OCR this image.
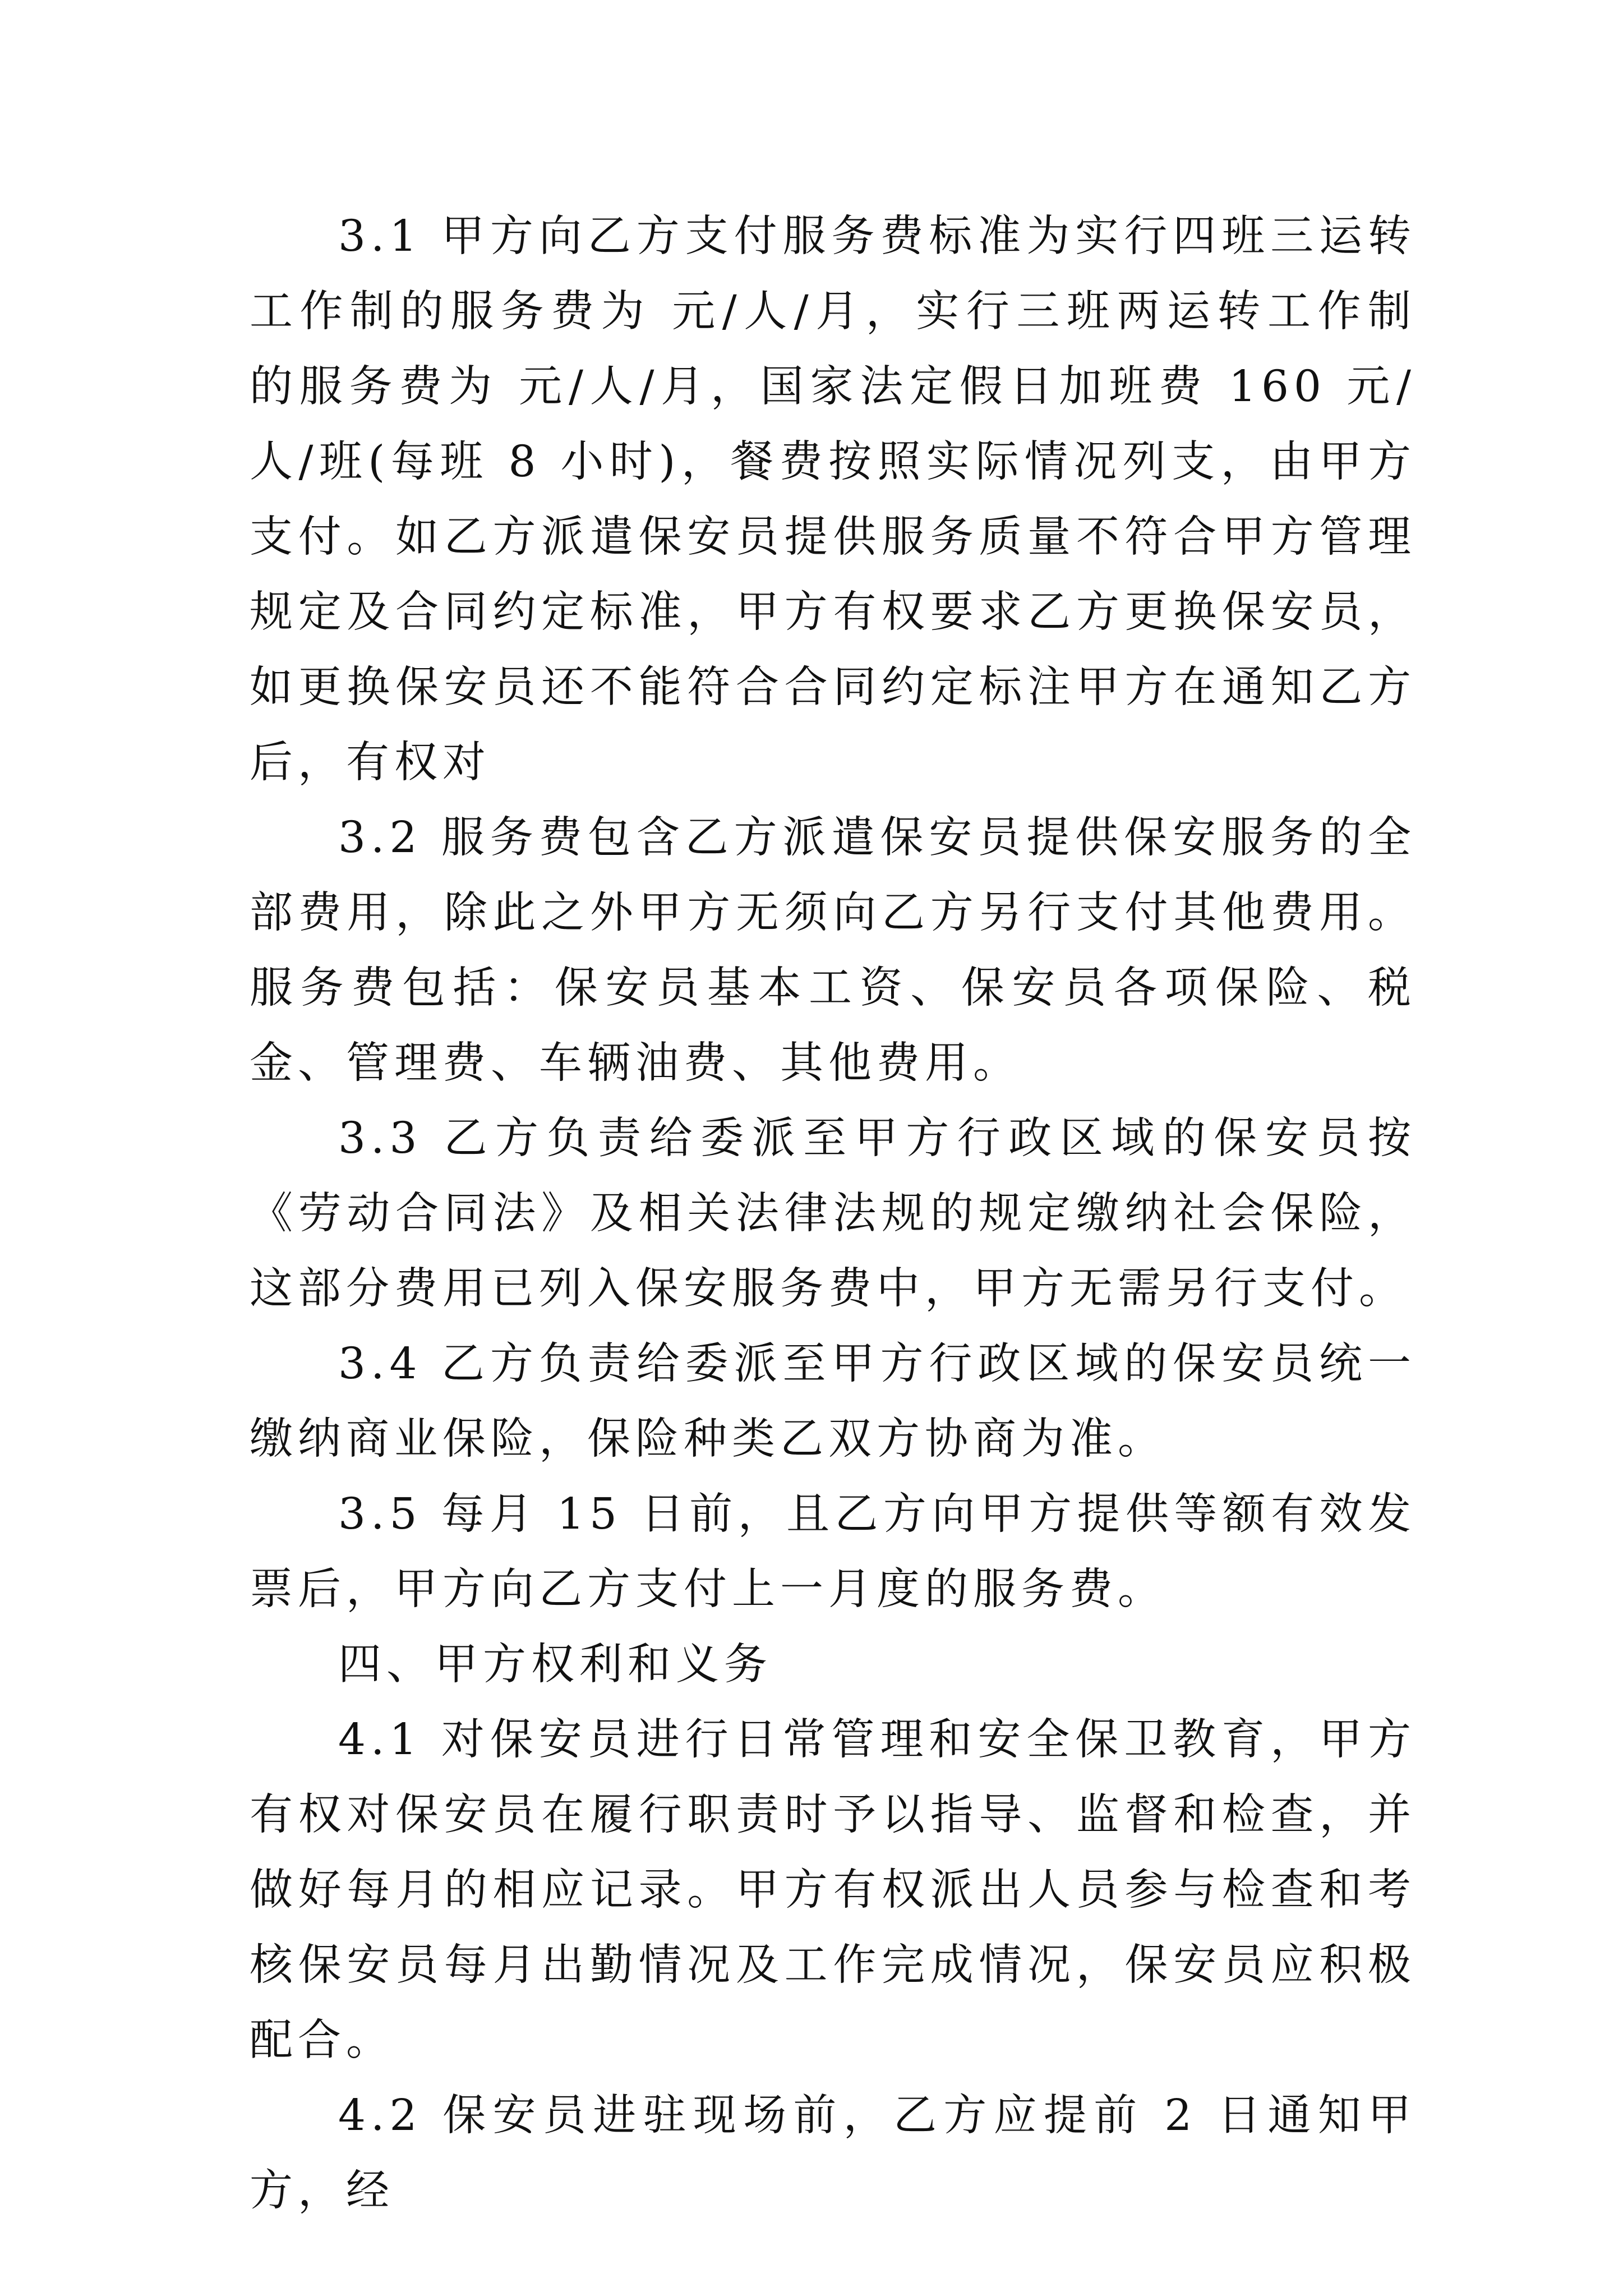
3.1 甲方向乙方支付服务费标准为实行四班三运转工作制的服务费为 元/人/月，实行三班两运转工作制的服务费为 元/人/月，国家法定假日加班费 160 元/人/班(每班 8 小时)，餐费按照实际情况列支，由甲方支付。如乙方派遣保安员提供服务质量不符合甲方管理规定及合同约定标准，甲方有权要求乙方更换保安员，如更换保安员还不能符合合同约定标注甲方在通知乙方后，有权对

3.2 服务费包含乙方派遣保安员提供保安服务的全部费用，除此之外甲方无须向乙方另行支付其他费用。服务费包括：保安员基本工资、保安员各项保险、税金、管理费、车辆油费、其他费用。

3.3 乙方负责给委派至甲方行政区域的保安员按《劳动合同法》及相关法律法规的规定缴纳社会保险，这部分费用已列入保安服务费中，甲方无需另行支付。

3.4 乙方负责给委派至甲方行政区域的保安员统一缴纳商业保险，保险种类乙双方协商为准。

3.5 每月 15 日前，且乙方向甲方提供等额有效发票后，甲方向乙方支付上一月度的服务费。

四、甲方权利和义务

4.1 对保安员进行日常管理和安全保卫教育，甲方有权对保安员在履行职责时予以指导、监督和检查，并做好每月的相应记录。甲方有权派出人员参与检查和考核保安员每月出勤情况及工作完成情况，保安员应积极配合。

4.2 保安员进驻现场前，乙方应提前 2 日通知甲方，经
